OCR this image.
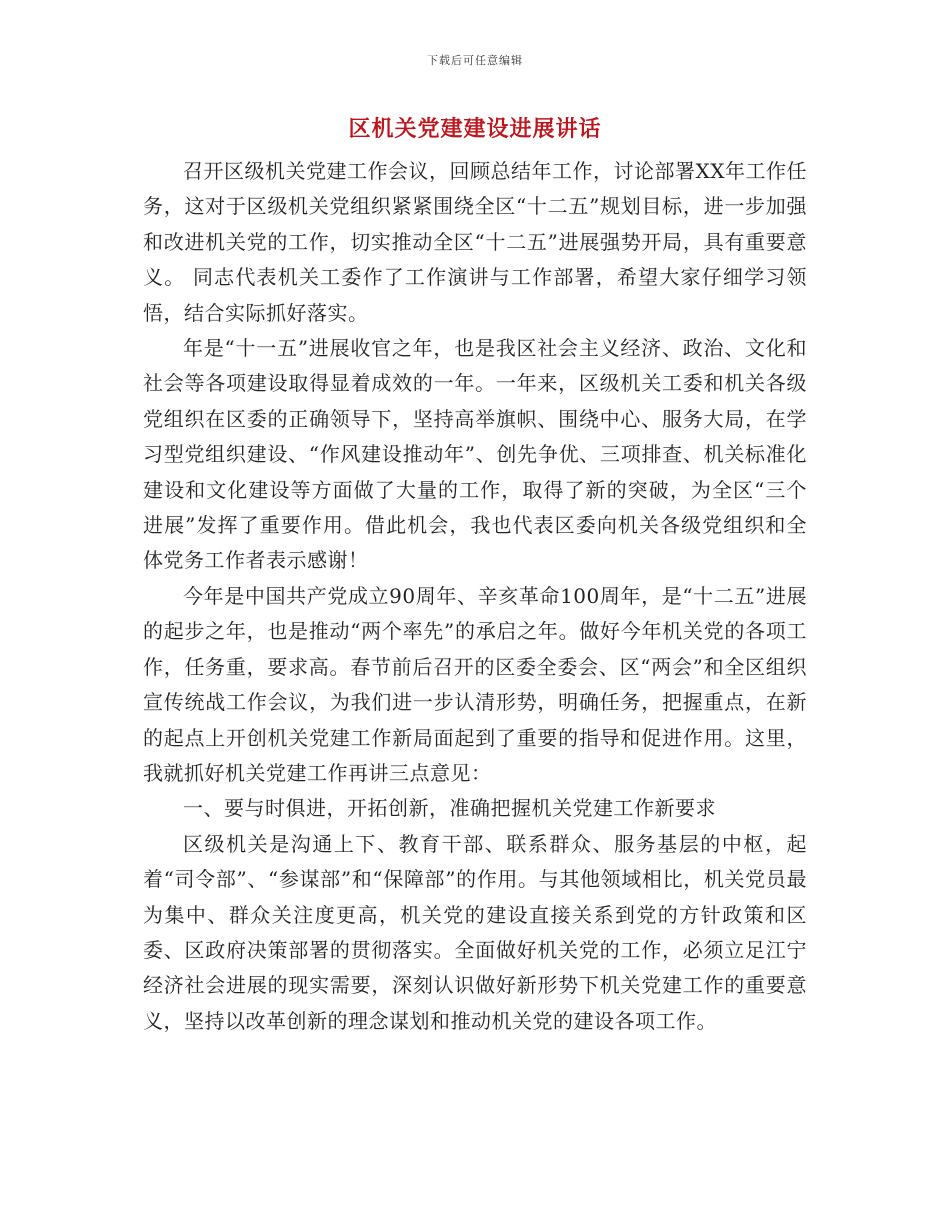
下载后可任意编辑
区机关党建建设进展讲话

召开区级机关党建工作会议，回顾总结年工作，讨论部署XX年工作任务，这对于区级机关党组织紧紧围绕全区“十二五”规划目标，进一步加强和改进机关党的工作，切实推动全区“十二五”进展强势开局，具有重要意义。 同志代表机关工委作了工作演讲与工作部署，希望大家仔细学习领悟，结合实际抓好落实。

年是“十一五”进展收官之年，也是我区社会主义经济、政治、文化和社会等各项建设取得显着成效的一年。一年来，区级机关工委和机关各级党组织在区委的正确领导下，坚持高举旗帜、围绕中心、服务大局，在学习型党组织建设、“作风建设推动年”、创先争优、三项排查、机关标准化建设和文化建设等方面做了大量的工作，取得了新的突破，为全区“三个进展”发挥了重要作用。借此机会，我也代表区委向机关各级党组织和全体党务工作者表示感谢！

今年是中国共产党成立90周年、辛亥革命100周年，是“十二五”进展的起步之年，也是推动“两个率先”的承启之年。做好今年机关党的各项工作，任务重，要求高。春节前后召开的区委全委会、区“两会”和全区组织宣传统战工作会议，为我们进一步认清形势，明确任务，把握重点，在新的起点上开创机关党建工作新局面起到了重要的指导和促进作用。这里，我就抓好机关党建工作再讲三点意见：

一、要与时俱进，开拓创新，准确把握机关党建工作新要求

区级机关是沟通上下、教育干部、联系群众、服务基层的中枢，起着“司令部”、“参谋部”和“保障部”的作用。与其他领域相比，机关党员最为集中、群众关注度更高，机关党的建设直接关系到党的方针政策和区委、区政府决策部署的贯彻落实。全面做好机关党的工作，必须立足江宁经济社会进展的现实需要，深刻认识做好新形势下机关党建工作的重要意义，坚持以改革创新的理念谋划和推动机关党的建设各项工作。
